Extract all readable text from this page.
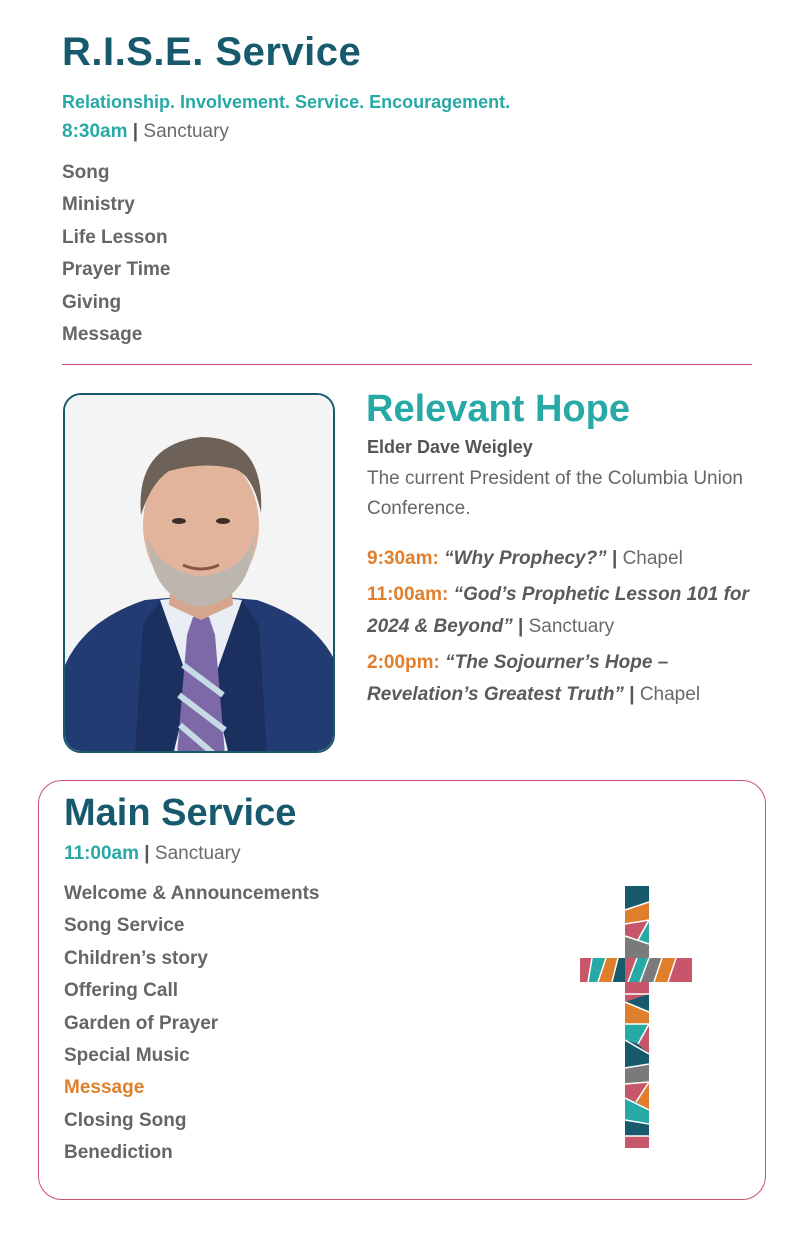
R.I.S.E. Service
Relationship. Involvement. Service. Encouragement.
8:30am | Sanctuary
Song
Ministry
Life Lesson
Prayer Time
Giving
Message
Relevant Hope
Elder Dave Weigley
The current President of the Columbia Union Conference.
9:30am: “Why Prophecy?” | Chapel
11:00am: “God’s Prophetic Lesson 101 for 2024 & Beyond” | Sanctuary
2:00pm: “The Sojourner’s Hope – Revelation’s Greatest Truth” | Chapel
Main Service
11:00am | Sanctuary
Welcome & Announcements
Song Service
Children’s story
Offering Call
Garden of Prayer
Special Music
Message
Closing Song
Benediction
